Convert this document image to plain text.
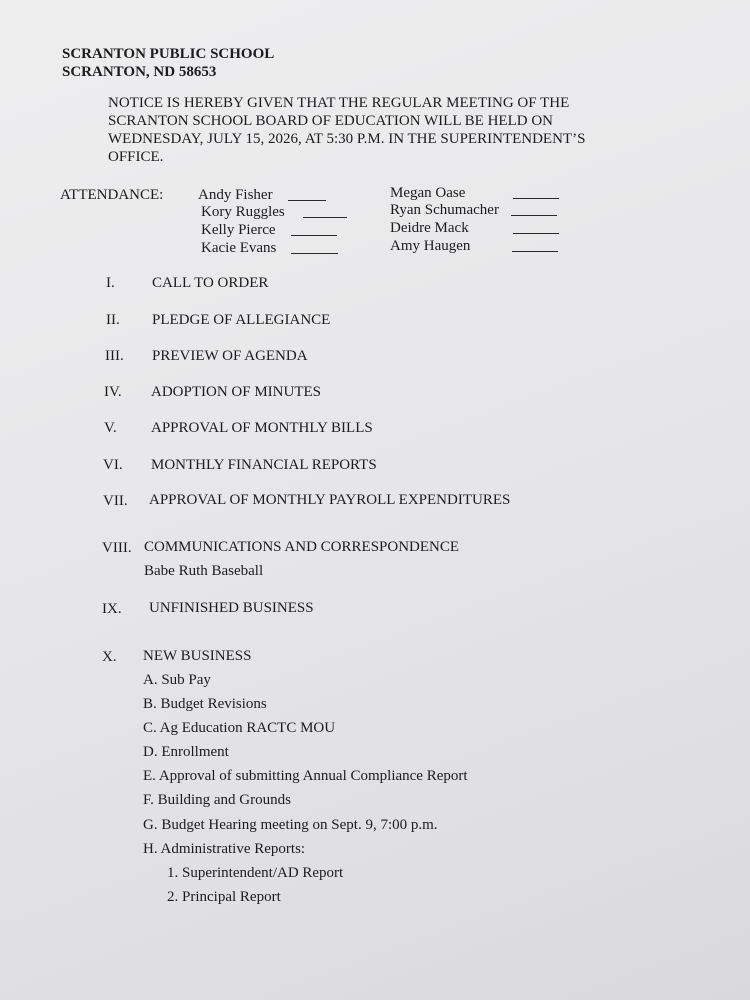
SCRANTON PUBLIC SCHOOL
SCRANTON, ND 58653
NOTICE IS HEREBY GIVEN THAT THE REGULAR MEETING OF THE
SCRANTON SCHOOL BOARD OF EDUCATION WILL BE HELD ON
WEDNESDAY, JULY 15, 2026, AT 5:30 P.M. IN THE SUPERINTENDENT’S
OFFICE.
ATTENDANCE: Andy Fisher
Kory Ruggles
Kelly Pierce
Kacie Evans
Megan Oase
Ryan Schumacher
Deidre Mack
Amy Haugen
I. CALL TO ORDER
II. PLEDGE OF ALLEGIANCE
III. PREVIEW OF AGENDA
IV. ADOPTION OF MINUTES
V. APPROVAL OF MONTHLY BILLS
VI. MONTHLY FINANCIAL REPORTS
VII. APPROVAL OF MONTHLY PAYROLL EXPENDITURES
VIII. COMMUNICATIONS AND CORRESPONDENCE
Babe Ruth Baseball
IX. UNFINISHED BUSINESS
X. NEW BUSINESS
A. Sub Pay
B. Budget Revisions
C. Ag Education RACTC MOU
D. Enrollment
E. Approval of submitting Annual Compliance Report
F. Building and Grounds
G. Budget Hearing meeting on Sept. 9, 7:00 p.m.
H. Administrative Reports:
1. Superintendent/AD Report
2. Principal Report
